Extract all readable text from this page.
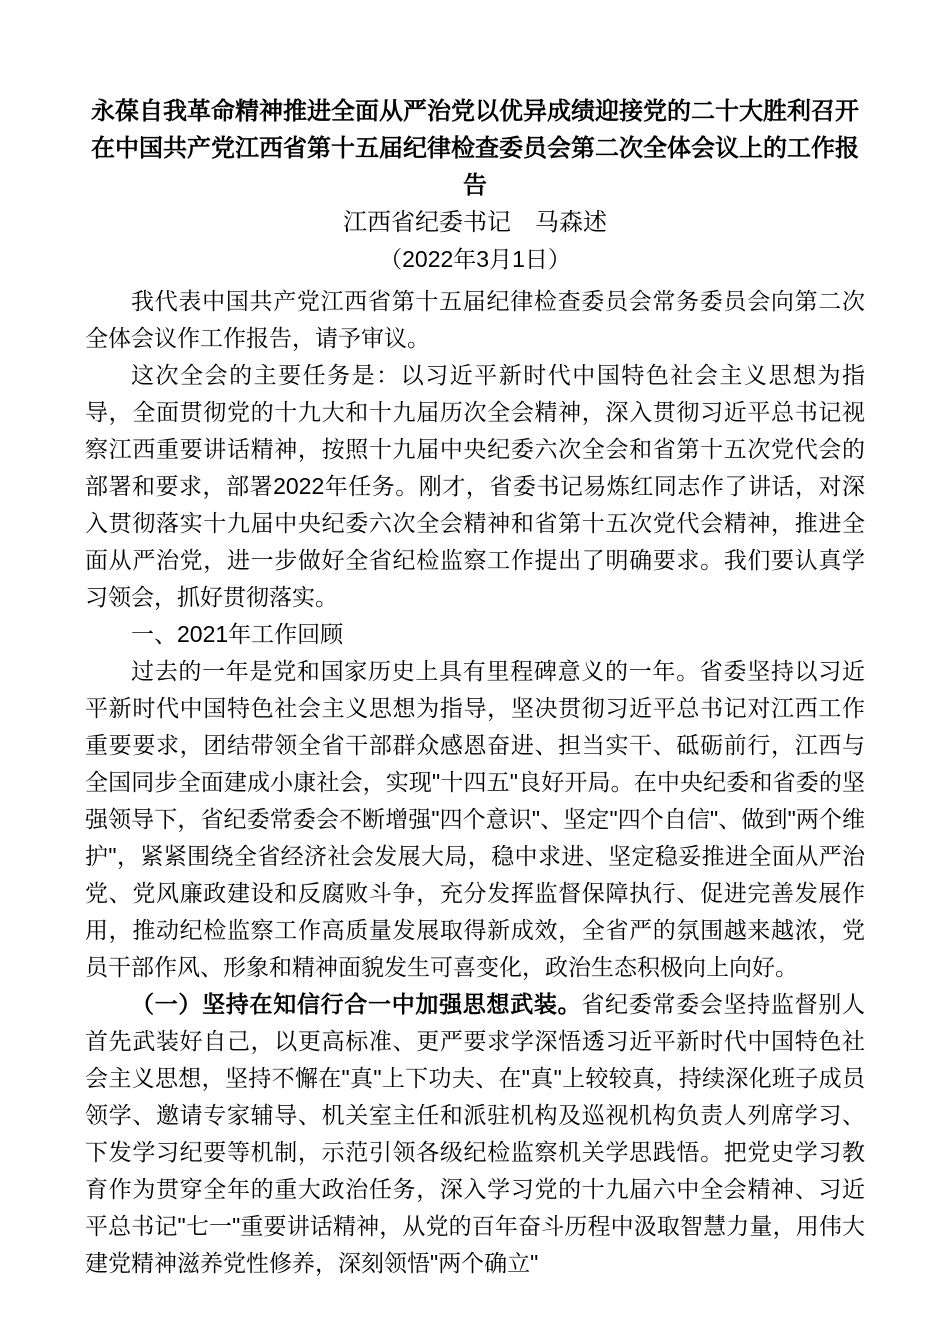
永葆自我革命精神推进全面从严治党以优异成绩迎接党的二十大胜利召开
在中国共产党江西省第十五届纪律检查委员会第二次全体会议上的工作报告
江西省纪委书记　马森述
（2022年3月1日）

我代表中国共产党江西省第十五届纪律检查委员会常务委员会向第二次全体会议作工作报告，请予审议。

这次全会的主要任务是：以习近平新时代中国特色社会主义思想为指导，全面贯彻党的十九大和十九届历次全会精神，深入贯彻习近平总书记视察江西重要讲话精神，按照十九届中央纪委六次全会和省第十五次党代会的部署和要求，部署2022年任务。刚才，省委书记易炼红同志作了讲话，对深入贯彻落实十九届中央纪委六次全会精神和省第十五次党代会精神，推进全面从严治党，进一步做好全省纪检监察工作提出了明确要求。我们要认真学习领会，抓好贯彻落实。

一、2021年工作回顾

过去的一年是党和国家历史上具有里程碑意义的一年。省委坚持以习近平新时代中国特色社会主义思想为指导，坚决贯彻习近平总书记对江西工作重要要求，团结带领全省干部群众感恩奋进、担当实干、砥砺前行，江西与全国同步全面建成小康社会，实现"十四五"良好开局。在中央纪委和省委的坚强领导下，省纪委常委会不断增强"四个意识"、坚定"四个自信"、做到"两个维护"，紧紧围绕全省经济社会发展大局，稳中求进、坚定稳妥推进全面从严治党、党风廉政建设和反腐败斗争，充分发挥监督保障执行、促进完善发展作用，推动纪检监察工作高质量发展取得新成效，全省严的氛围越来越浓，党员干部作风、形象和精神面貌发生可喜变化，政治生态积极向上向好。

（一）坚持在知信行合一中加强思想武装。省纪委常委会坚持监督别人首先武装好自己，以更高标准、更严要求学深悟透习近平新时代中国特色社会主义思想，坚持不懈在"真"上下功夫、在"真"上较较真，持续深化班子成员领学、邀请专家辅导、机关室主任和派驻机构及巡视机构负责人列席学习、下发学习纪要等机制，示范引领各级纪检监察机关学思践悟。把党史学习教育作为贯穿全年的重大政治任务，深入学习党的十九届六中全会精神、习近平总书记"七一"重要讲话精神，从党的百年奋斗历程中汲取智慧力量，用伟大建党精神滋养党性修养，深刻领悟"两个确立"
